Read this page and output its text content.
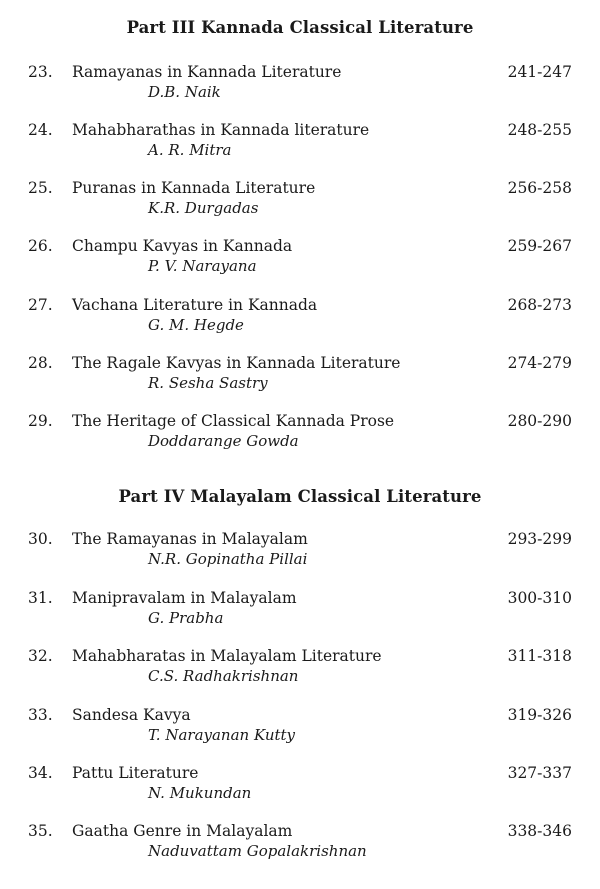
Part III Kannada Classical Literature
23. Ramayanas in Kannada Literature	241-247
D.B. Naik
24. Mahabharathas in Kannada literature	248-255
A. R. Mitra
25. Puranas in Kannada Literature	256-258
K.R. Durgadas
26. Champu Kavyas in Kannada	259-267
P. V. Narayana
27. Vachana Literature in Kannada	268-273
G. M. Hegde
28. The Ragale Kavyas in Kannada Literature	274-279
R. Sesha Sastry
29. The Heritage of Classical Kannada Prose	280-290
Doddarange Gowda
Part IV Malayalam Classical Literature
30. The Ramayanas in Malayalam	293-299
N.R. Gopinatha Pillai
31. Manipravalam in Malayalam	300-310
G. Prabha
32. Mahabharatas in Malayalam Literature	311-318
C.S. Radhakrishnan
33. Sandesa Kavya	319-326
T. Narayanan Kutty
34. Pattu Literature	327-337
N. Mukundan
35. Gaatha Genre in Malayalam	338-346
Naduvattam Gopalakrishnan
